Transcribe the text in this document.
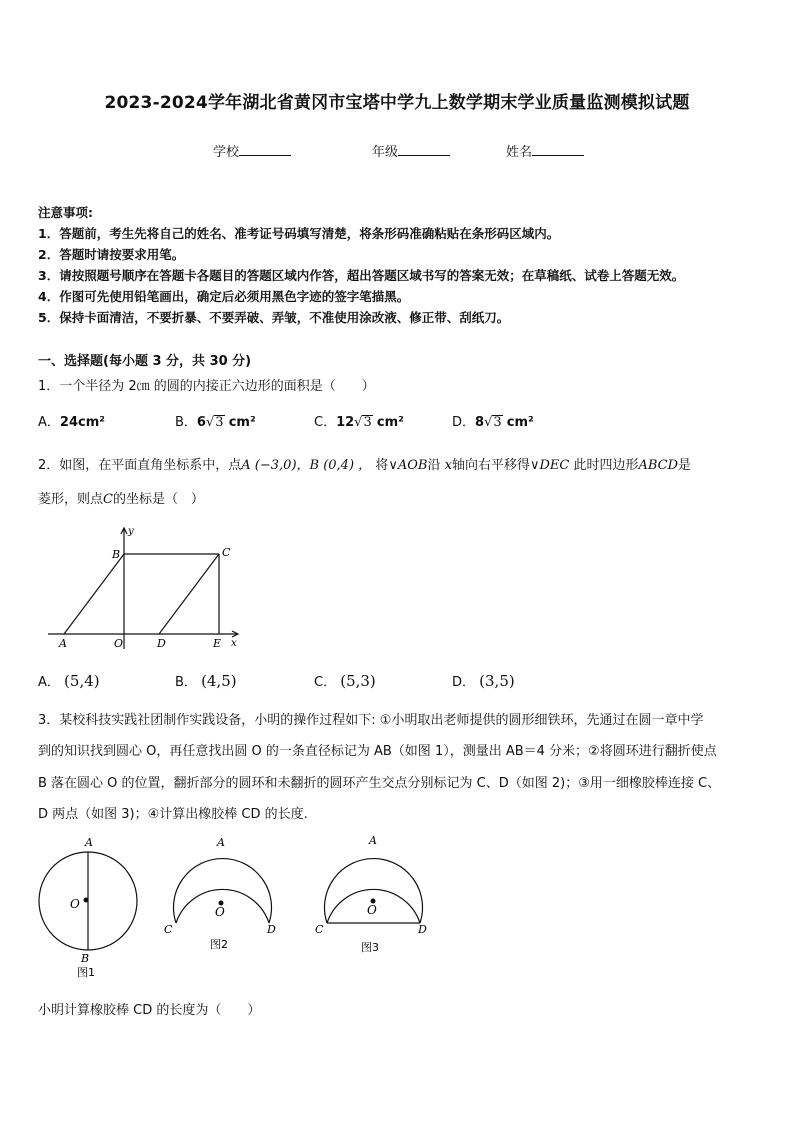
2023-2024学年湖北省黄冈市宝塔中学九上数学期末学业质量监测模拟试题
学校	年级	姓名
注意事项:
1．答题前，考生先将自己的姓名、准考证号码填写清楚，将条形码准确粘贴在条形码区域内。
2．答题时请按要求用笔。
3．请按照题号顺序在答题卡各题目的答题区域内作答，超出答题区域书写的答案无效；在草稿纸、试卷上答题无效。
4．作图可先使用铅笔画出，确定后必须用黑色字迹的签字笔描黑。
5．保持卡面清洁，不要折暴、不要弄破、弄皱，不准使用涂改液、修正带、刮纸刀。
一、选择题(每小题 3 分，共 30 分)
1．一个半径为 2㎝ 的圆的内接正六边形的面积是（　　）
A．24cm²	B．6√3 cm²	C．12√3 cm²	D．8√3 cm²
2．如图，在平面直角坐标系中，点A (−3,0)，B (0,4) ， 将∨AOB沿 x轴向右平移得∨DEC 此时四边形ABCD是
菱形，则点C的坐标是（　）
B	C
y
A	O	D	E x
A． (5,4)	B． (4,5)	C． (5,3)	D． (3,5)
3．某校科技实践社团制作实践设备，小明的操作过程如下: ①小明取出老师提供的圆形细铁环，先通过在圆一章中学
到的知识找到圆心 O，再任意找出圆 O 的一条直径标记为 AB（如图 1），测量出 AB＝4 分米；②将圆环进行翻折使点
B 落在圆心 O 的位置，翻折部分的圆环和未翻折的圆环产生交点分别标记为 C、D（如图 2)；③用一细橡胶棒连接 C、
D 两点（如图 3)；④计算出橡胶棒 CD 的长度.
A
O
B
图1
A
O
C	D
图2
A
O
C	D
图3
小明计算橡胶棒 CD 的长度为（　　）
